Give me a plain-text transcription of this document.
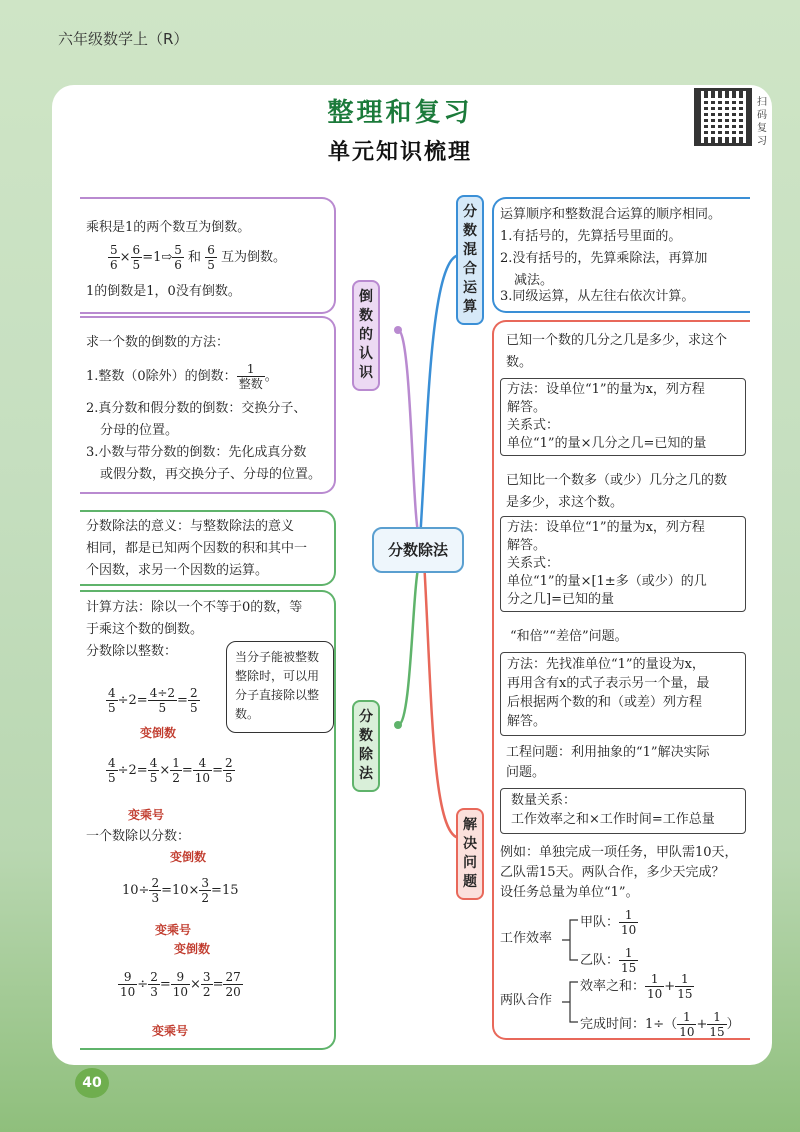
六年级数学上（R）
整理和复习
单元知识梳理
扫码复习
乘积是1的两个数互为倒数。
$\frac{5}{6} \times \frac{6}{5}$ =1⇨ $\frac{5}{6}$ 和 $\frac{6}{5}$ 互为倒数。
1的倒数是1，0没有倒数。
求一个数的倒数的方法：
1.整数（0除外）的倒数： $\frac{1}{\text{整数}}$ 。
2.真分数和假分数的倒数：交换分子、
分母的位置。
3.小数与带分数的倒数：先化成真分数
或假分数，再交换分子、分母的位置。
倒数的认识
分数除法的意义：与整数除法的意义
相同，都是已知两个因数的积和其中一
个因数，求另一个因数的运算。
计算方法：除以一个不等于0的数，等
于乘这个数的倒数。
分数除以整数：	当分子能被整数整除时，可以用分子直接除以整数。
$\frac{4}{5} \div 2= \frac{4\div 2}{5} = \frac{2}{5}$
变倒数
$\frac{4}{5} \div 2= \frac{4}{5} \times \frac{1}{2} = \frac{4}{10} = \frac{2}{5}$
变乘号
一个数除以分数：
变倒数
$10\div \frac{2}{3} =10\times \frac{3}{2} =15$
变乘号
变倒数
$\frac{9}{10} \div \frac{2}{3} = \frac{9}{10} \times \frac{3}{2} = \frac{27}{20}$
变乘号
分数除法
分数除法
分数混合运算
运算顺序和整数混合运算的顺序相同。
1.有括号的，先算括号里面的。
2.没有括号的，先算乘除法，再算加
减法。
3.同级运算，从左往右依次计算。
解决问题
已知一个数的几分之几是多少，求这个
数。
方法：设单位“1”的量为x，列方程
解答。
关系式：
单位“1”的量×几分之几=已知的量
已知比一个数多（或少）几分之几的数
是多少，求这个数。
方法：设单位“1”的量为x，列方程
解答。
关系式：
单位“1”的量×[1±多（或少）的几
分之几]=已知的量
“和倍”“差倍”问题。
方法：先找准单位“1”的量设为x，
再用含有x的式子表示另一个量，最
后根据两个数的和（或差）列方程
解答。
工程问题：利用抽象的“1”解决实际
问题。
数量关系：
工作效率之和×工作时间=工作总量
例如：单独完成一项任务，甲队需10天，
乙队需15天。两队合作，多少天完成？
设任务总量为单位“1”。
工作效率
甲队： $\frac{1}{10}$
乙队： $\frac{1}{15}$
两队合作
效率之和： $\frac{1}{10} + \frac{1}{15}$
完成时间：$1\div( \frac{1}{10} + \frac{1}{15}$ ）
40
